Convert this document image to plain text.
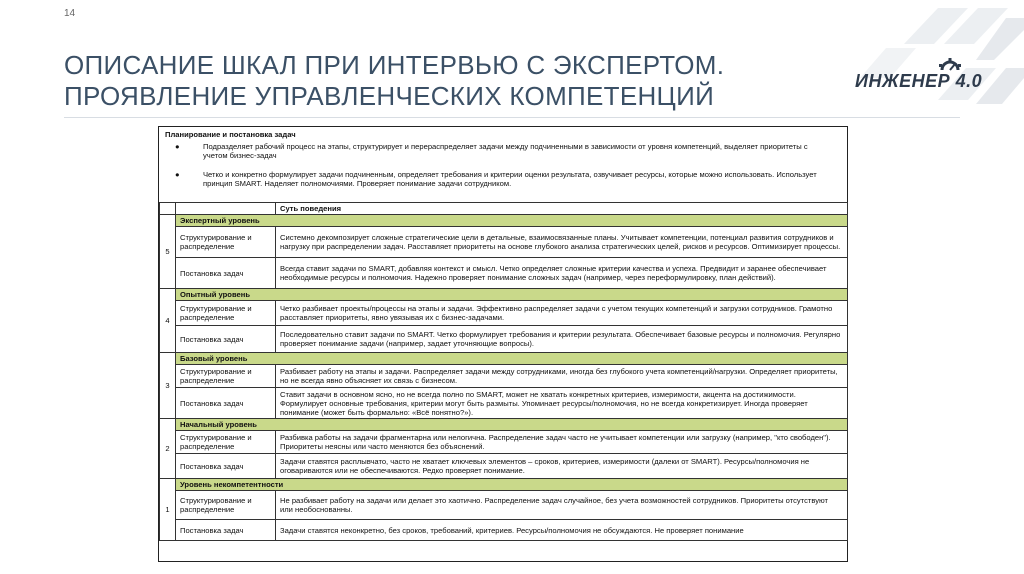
14
ОПИСАНИЕ ШКАЛ ПРИ ИНТЕРВЬЮ С ЭКСПЕРТОМ.
ПРОЯВЛЕНИЕ УПРАВЛЕНЧЕСКИХ КОМПЕТЕНЦИЙ	ИНЖЕНЕР 4.0
Планирование и постановка задач
●	Подразделяет рабочий процесс на этапы, структурирует и перераспределяет задачи между подчиненными в зависимости от уровня компетенций, выделяет приоритеты с учетом бизнес-задач
●	Четко и конкретно формулирует задачи подчиненным, определяет требования и критерии оценки результата, озвучивает ресурсы, которые можно использовать. Использует принцип SMART. Наделяет полномочиями. Проверяет понимание задачи сотрудником.
		Суть поведения
5	Экспертный уровень	
	Структурирование и распределение	Системно декомпозирует сложные стратегические цели в детальные, взаимосвязанные планы. Учитывает компетенции, потенциал развития сотрудников и нагрузку при распределении задач. Расставляет приоритеты на основе глубокого анализа стратегических целей, рисков и ресурсов. Оптимизирует процессы.
	Постановка задач	Всегда ставит задачи по SMART, добавляя контекст и смысл. Четко определяет сложные критерии качества и успеха. Предвидит и заранее обеспечивает необходимые ресурсы и полномочия. Надежно проверяет понимание сложных задач (например, через переформулировку, план действий).
4	Опытный уровень	
	Структурирование и распределение	Четко разбивает проекты/процессы на этапы и задачи. Эффективно распределяет задачи с учетом текущих компетенций и загрузки сотрудников. Грамотно расставляет приоритеты, явно увязывая их с бизнес-задачами.
	Постановка задач	Последовательно ставит задачи по SMART. Четко формулирует требования и критерии результата. Обеспечивает базовые ресурсы и полномочия. Регулярно проверяет понимание задачи (например, задает уточняющие вопросы).
3	Базовый уровень	
	Структурирование и распределение	Разбивает работу на этапы и задачи. Распределяет задачи между сотрудниками, иногда без глубокого учета компетенций/нагрузки. Определяет приоритеты, но не всегда явно объясняет их связь с бизнесом.
	Постановка задач	Ставит задачи в основном ясно, но не всегда полно по SMART, может не хватать конкретных критериев, измеримости, акцента на достижимости. Формулирует основные требования, критерии могут быть размыты. Упоминает ресурсы/полномочия, но не всегда конкретизирует. Иногда проверяет понимание (может быть формально: «Всё понятно?»).
2	Начальный уровень	
	Структурирование и распределение	Разбивка работы на задачи фрагментарна или нелогична. Распределение задач часто не учитывает компетенции или загрузку (например, "кто свободен"). Приоритеты неясны или часто меняются без объяснений.
	Постановка задач	Задачи ставятся расплывчато, часто не хватает ключевых элементов – сроков, критериев, измеримости (далеки от SMART). Ресурсы/полномочия не оговариваются или не обеспечиваются. Редко проверяет понимание.
1	Уровень некомпетентности	
	Структурирование и распределение	Не разбивает работу на задачи или делает это хаотично. Распределение задач случайное, без учета возможностей сотрудников. Приоритеты отсутствуют или необоснованны.
	Постановка задач	Задачи ставятся неконкретно, без сроков, требований, критериев. Ресурсы/полномочия не обсуждаются. Не проверяет понимание
